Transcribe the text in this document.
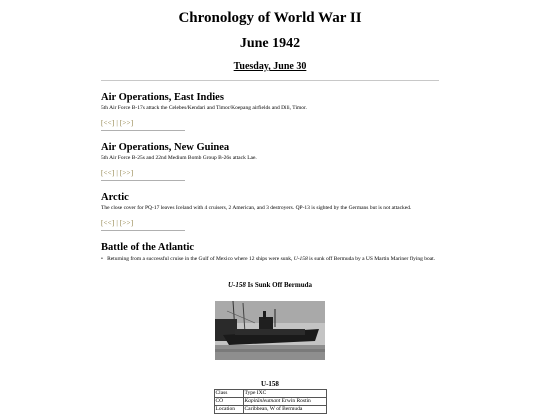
Chronology of World War II
June 1942
Tuesday, June 30
Air Operations, East Indies

5th Air Force B-17s attack the Celebes/Kendari and Timor/Koepang airfields and Dili, Timor.

[<<] | [>>]
Air Operations, New Guinea

5th Air Force B-25s and 22nd Medium Bomb Group B-26s attack Lae.

[<<] | [>>]
Arctic

The close cover for PQ-17 leaves Iceland with 4 cruisers, 2 American, and 3 destroyers. QP-13 is sighted by the Germans but is not attacked.

[<<] | [>>]
Battle of the Atlantic
• Returning from a successful cruise in the Gulf of Mexico where 12 ships were sunk, U-158 is sunk off Bermuda by a US Martin Mariner flying boat.
U-158 Is Sunk Off Bermuda
U-158
Class	Type IXC
CO	Kapitänleutnant Erwin Rostin
Location	Caribbean, W of Bermuda
